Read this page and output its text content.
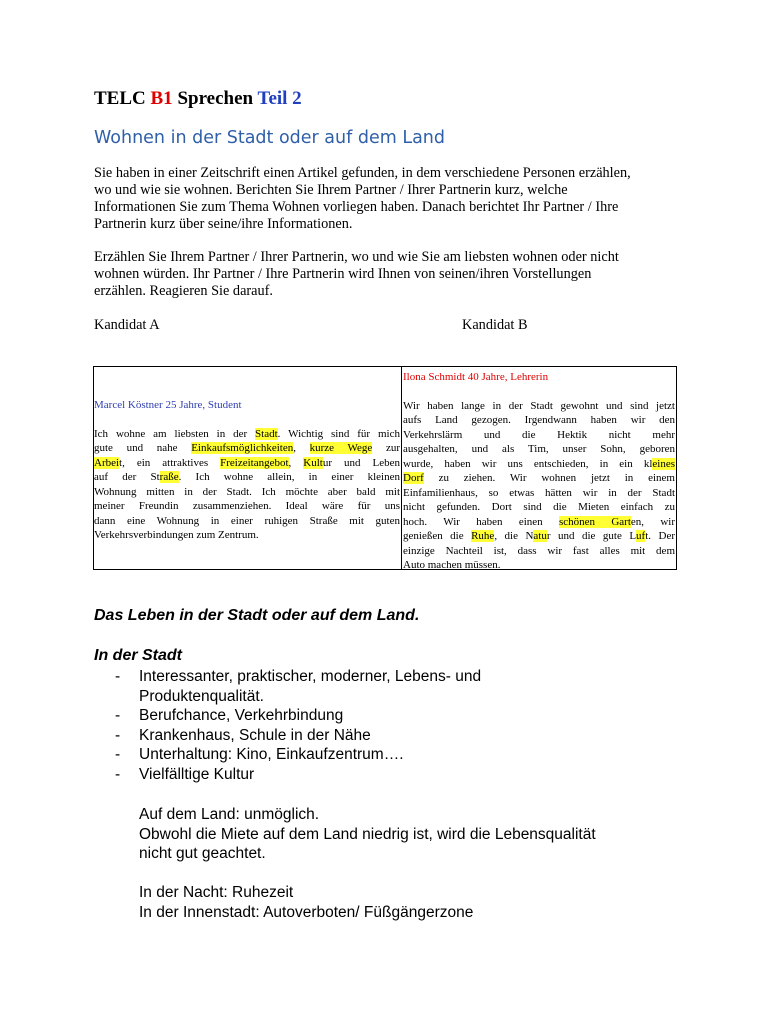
TELC B1 Sprechen Teil 2
Wohnen in der Stadt oder auf dem Land
Sie haben in einer Zeitschrift einen Artikel gefunden, in dem verschiedene Personen erzählen,
wo und wie sie wohnen. Berichten Sie Ihrem Partner / Ihrer Partnerin kurz, welche
Informationen Sie zum Thema Wohnen vorliegen haben. Danach berichtet Ihr Partner / Ihre
Partnerin kurz über seine/ihre Informationen.
Erzählen Sie Ihrem Partner / Ihrer Partnerin, wo und wie Sie am liebsten wohnen oder nicht
wohnen würden. Ihr Partner / Ihre Partnerin wird Ihnen von seinen/ihren Vorstellungen
erzählen. Reagieren Sie darauf.
Kandidat A	Kandidat B
Marcel Köstner 25 Jahre, Student
Ich wohne am liebsten in der Stadt. Wichtig sind für mich
gute und nahe Einkaufsmöglichkeiten, kurze Wege zur
Arbeit, ein attraktives Freizeitangebot, Kultur und Leben
auf der Straße. Ich wohne allein, in einer kleinen
Wohnung mitten in der Stadt. Ich möchte aber bald mit
meiner Freundin zusammenziehen. Ideal wäre für uns
dann eine Wohnung in einer ruhigen Straße mit guten
Verkehrsverbindungen zum Zentrum.
Ilona Schmidt 40 Jahre, Lehrerin
Wir haben lange in der Stadt gewohnt und sind jetzt
aufs Land gezogen. Irgendwann haben wir den
Verkehrslärm und die Hektik nicht mehr
ausgehalten, und als Tim, unser Sohn, geboren
wurde, haben wir uns entschieden, in ein kleines
Dorf zu ziehen. Wir wohnen jetzt in einem
Einfamilienhaus, so etwas hätten wir in der Stadt
nicht gefunden. Dort sind die Mieten einfach zu
hoch. Wir haben einen schönen Garten, wir
genießen die Ruhe, die Natur und die gute Luft. Der
einzige Nachteil ist, dass wir fast alles mit dem
Auto machen müssen.
Das Leben in der Stadt oder auf dem Land.
In der Stadt
- Interessanter, praktischer, moderner, Lebens- und
Produktenqualität.
- Berufchance, Verkehrbindung
- Krankenhaus, Schule in der Nähe
- Unterhaltung: Kino, Einkaufzentrum….
- Vielfälltige Kultur
Auf dem Land: unmöglich.
Obwohl die Miete auf dem Land niedrig ist, wird die Lebensqualität
nicht gut geachtet.
In der Nacht: Ruhezeit
In der Innenstadt: Autoverboten/ Füßgängerzone
